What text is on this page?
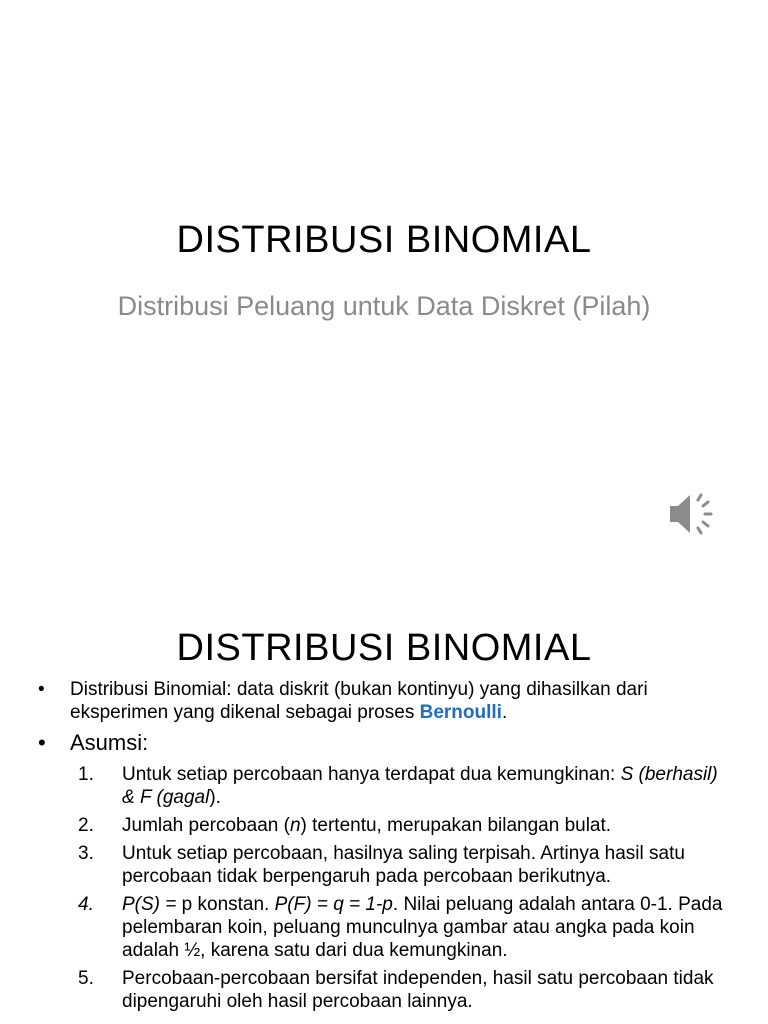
DISTRIBUSI BINOMIAL
Distribusi Peluang untuk Data Diskret (Pilah)
DISTRIBUSI BINOMIAL

• Distribusi Binomial: data diskrit (bukan kontinyu) yang dihasilkan dari eksperimen yang dikenal sebagai proses Bernoulli.

• Asumsi:

1. Untuk setiap percobaan hanya terdapat dua kemungkinan: S (berhasil) & F (gagal).
2. Jumlah percobaan (n) tertentu, merupakan bilangan bulat.
3. Untuk setiap percobaan, hasilnya saling terpisah. Artinya hasil satu percobaan tidak berpengaruh pada percobaan berikutnya.
4. P(S) = p konstan. P(F) = q = 1-p. Nilai peluang adalah antara 0-1. Pada pelembaran koin, peluang munculnya gambar atau angka pada koin adalah ½, karena satu dari dua kemungkinan.
5. Percobaan-percobaan bersifat independen, hasil satu percobaan tidak dipengaruhi oleh hasil percobaan lainnya.
